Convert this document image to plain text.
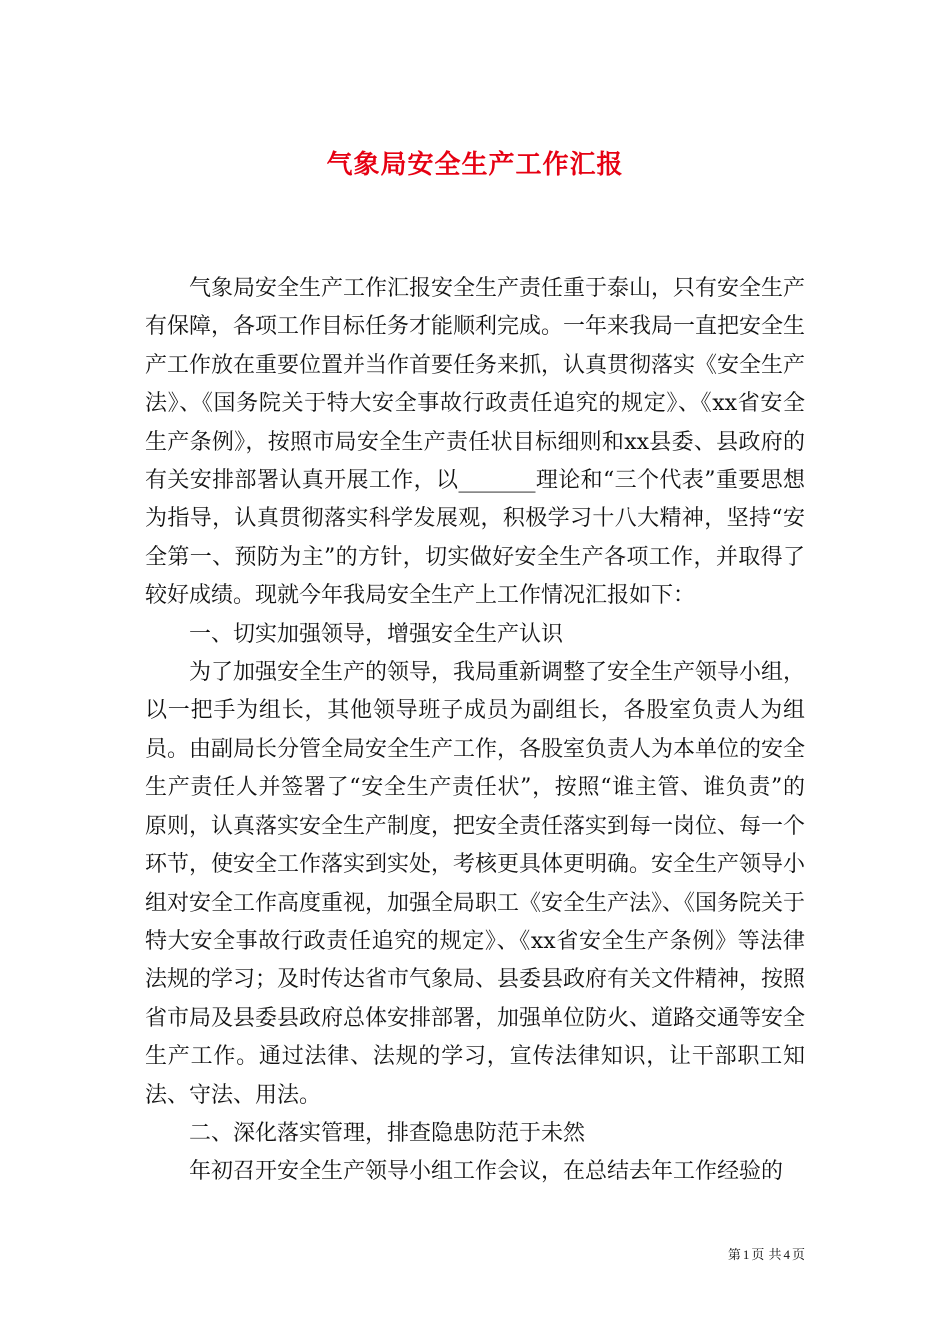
气象局安全生产工作汇报

气象局安全生产工作汇报安全生产责任重于泰山，只有安全生产有保障，各项工作目标任务才能顺利完成。一年来我局一直把安全生产工作放在重要位置并当作首要任务来抓，认真贯彻落实《安全生产法》、《国务院关于特大安全事故行政责任追究的规定》、《xx省安全生产条例》，按照市局安全生产责任状目标细则和xx县委、县政府的有关安排部署认真开展工作，以_______理论和“三个代表”重要思想为指导，认真贯彻落实科学发展观，积极学习十八大精神，坚持“安全第一、预防为主”的方针，切实做好安全生产各项工作，并取得了较好成绩。现就今年我局安全生产上工作情况汇报如下：

一、切实加强领导，增强安全生产认识

为了加强安全生产的领导，我局重新调整了安全生产领导小组，以一把手为组长，其他领导班子成员为副组长，各股室负责人为组员。由副局长分管全局安全生产工作，各股室负责人为本单位的安全生产责任人并签署了“安全生产责任状”，按照“谁主管、谁负责”的原则，认真落实安全生产制度，把安全责任落实到每一岗位、每一个环节，使安全工作落实到实处，考核更具体更明确。安全生产领导小组对安全工作高度重视，加强全局职工《安全生产法》、《国务院关于特大安全事故行政责任追究的规定》、《xx省安全生产条例》等法律法规的学习；及时传达省市气象局、县委县政府有关文件精神，按照省市局及县委县政府总体安排部署，加强单位防火、道路交通等安全生产工作。通过法律、法规的学习，宣传法律知识，让干部职工知法、守法、用法。

二、深化落实管理，排查隐患防范于未然

年初召开安全生产领导小组工作会议，在总结去年工作经验的

第 1 页 共 4 页
